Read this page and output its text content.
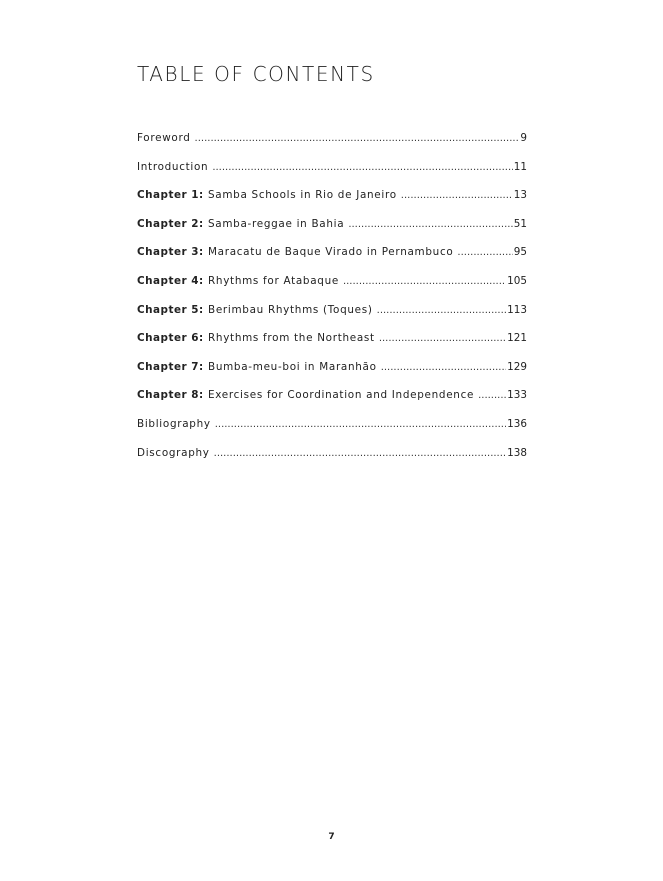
TABLE OF CONTENTS
Foreword .....	9
Introduction .....	11
Chapter 1: Samba Schools in Rio de Janeiro .....	13
Chapter 2: Samba-reggae in Bahia .....	51
Chapter 3: Maracatu de Baque Virado in Pernambuco .....	95
Chapter 4: Rhythms for Atabaque .....	105
Chapter 5: Berimbau Rhythms (Toques) .....	113
Chapter 6: Rhythms from the Northeast .....	121
Chapter 7: Bumba-meu-boi in Maranhão .....	129
Chapter 8: Exercises for Coordination and Independence .....	133
Bibliography .....	136
Discography .....	138
7
